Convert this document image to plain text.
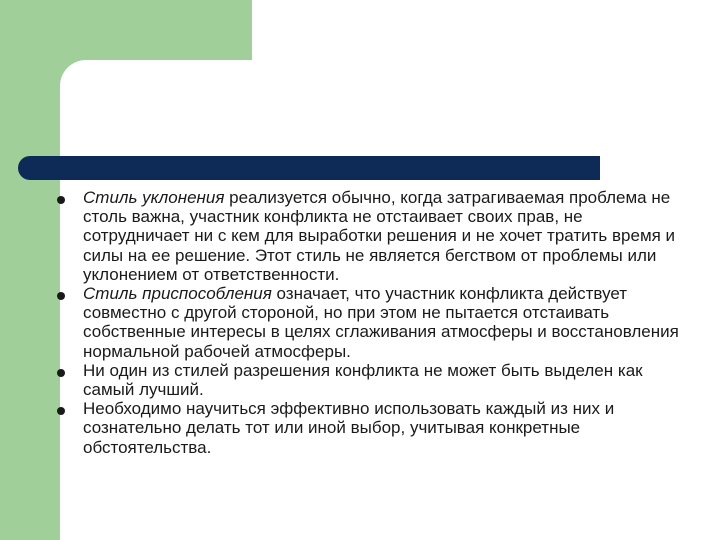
Стиль уклонения реализуется обычно, когда затрагиваемая проблема не столь важна, участник конфликта не отстаивает своих прав, не сотрудничает ни с кем для выработки решения и не хочет тратить время и силы на ее решение. Этот стиль не является бегством от проблемы или уклонением от ответственности.
Стиль приспособления означает, что участник конфликта действует совместно с другой стороной, но при этом не пытается отстаивать собственные интересы в целях сглаживания атмосферы и восстановления нормальной рабочей атмосферы.
Ни один из стилей разрешения конфликта не может быть выделен как самый лучший.
Необходимо научиться эффективно использовать каждый из них и сознательно делать тот или иной выбор, учитывая конкретные обстоятельства.
